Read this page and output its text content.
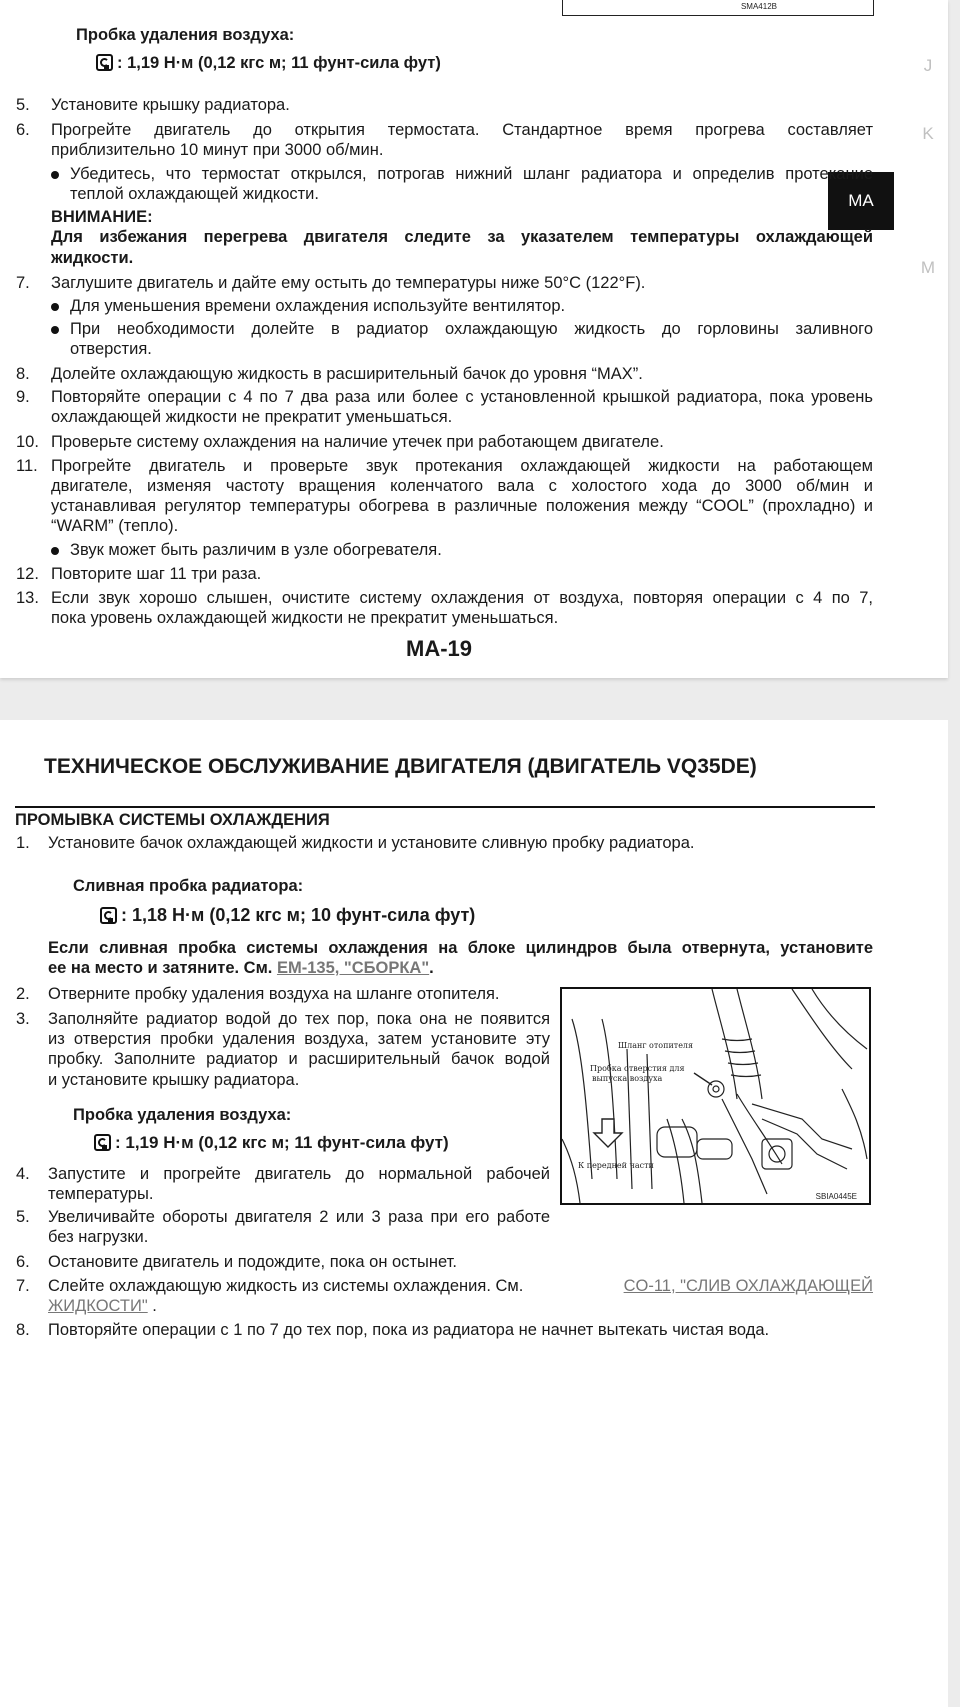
SMA412B
J
K
MA
M
Пробка удаления воздуха:
: 1,19 Н·м (0,12 кгс м; 11 фунт-сила фут)
5. Установите крышку радиатора.
6. Прогрейте двигатель до открытия термостата. Стандартное время прогрева составляет
приблизительно 10 минут при 3000 об/мин.
Убедитесь, что термостат открылся, потрогав нижний шланг радиатора и определив протекание
теплой охлаждающей жидкости.
ВНИМАНИЕ:
Для избежания перегрева двигателя следите за указателем температуры охлаждающей
жидкости.
7. Заглушите двигатель и дайте ему остыть до температуры ниже 50°C (122°F).
Для уменьшения времени охлаждения используйте вентилятор.
При необходимости долейте в радиатор охлаждающую жидкость до горловины заливного
отверстия.
8. Долейте охлаждающую жидкость в расширительный бачок до уровня “MAX”.
9. Повторяйте операции с 4 по 7 два раза или более с установленной крышкой радиатора, пока уровень
охлаждающей жидкости не прекратит уменьшаться.
10. Проверьте систему охлаждения на наличие утечек при работающем двигателе.
11. Прогрейте двигатель и проверьте звук протекания охлаждающей жидкости на работающем
двигателе, изменяя частоту вращения коленчатого вала с холостого хода до 3000 об/мин и
устанавливая регулятор температуры обогрева в различные положения между “COOL” (прохладно) и
“WARM” (тепло).
Звук может быть различим в узле обогревателя.
12. Повторите шаг 11 три раза.
13. Если звук хорошо слышен, очистите систему охлаждения от воздуха, повторяя операции с 4 по 7,
пока уровень охлаждающей жидкости не прекратит уменьшаться.
MA-19
ТЕХНИЧЕСКОЕ ОБСЛУЖИВАНИЕ ДВИГАТЕЛЯ (ДВИГАТЕЛЬ VQ35DE)
ПРОМЫВКА СИСТЕМЫ ОХЛАЖДЕНИЯ
1. Установите бачок охлаждающей жидкости и установите сливную пробку радиатора.
Сливная пробка радиатора:
: 1,18 Н·м (0,12 кгс м; 10 фунт-сила фут)
Если сливная пробка системы охлаждения на блоке цилиндров была отвернута, установите
ее на место и затяните. См. EM-135, "СБОРКА".
2. Отверните пробку удаления воздуха на шланге отопителя.
3. Заполняйте радиатор водой до тех пор, пока она не появится
из отверстия пробки удаления воздуха, затем установите эту
пробку. Заполните радиатор и расширительный бачок водой
и установите крышку радиатора.
Пробка удаления воздуха:
: 1,19 Н·м (0,12 кгс м; 11 фунт-сила фут)
4. Запустите и прогрейте двигатель до нормальной рабочей
температуры.
5. Увеличивайте обороты двигателя 2 или 3 раза при его работе
без нагрузки.
6. Остановите двигатель и подождите, пока он остынет.
7. Слейте охлаждающую жидкость из системы охлаждения. См.	CO-11, "СЛИВ ОХЛАЖДАЮЩЕЙ
ЖИДКОСТИ" .
8. Повторяйте операции с 1 по 7 до тех пор, пока из радиатора не начнет вытекать чистая вода.
Шланг отопителя
Пробка отверстия для
выпуска воздуха
К передней части
SBIA0445E
